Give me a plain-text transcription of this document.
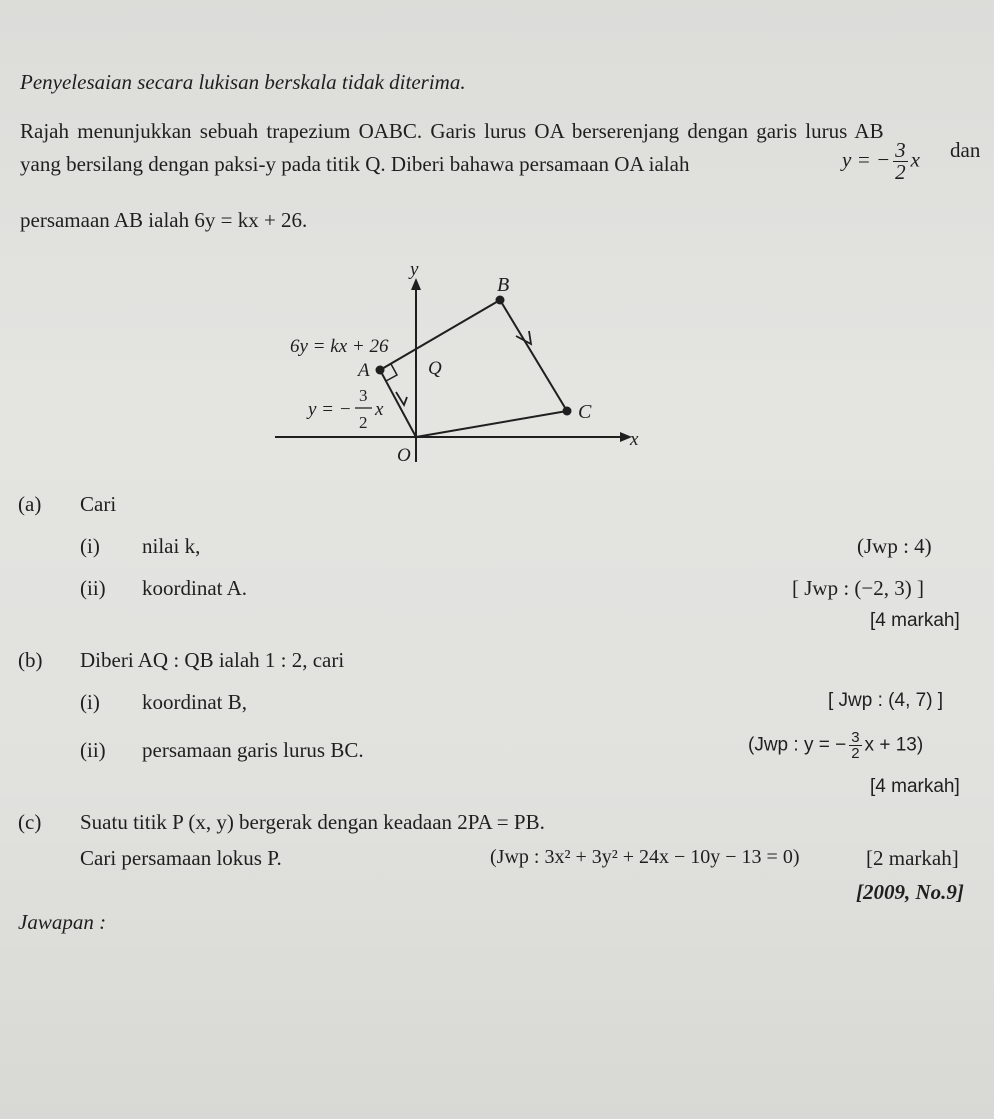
Penyelesaian secara lukisan berskala tidak diterima.
Rajah menunjukkan sebuah trapezium OABC. Garis lurus OA berserenjang dengan garis lurus AB
yang bersilang dengan paksi-y pada titik Q. Diberi bahawa persamaan OA ialah	y = − $\frac{3}{2}$ x dan
persamaan AB ialah 6y = kx + 26.
y
x
O
B
C
A	Q
6y = kx + 26
y = −
3
2
x
(a) Cari
(i) nilai k,	(Jwp : 4)
(ii) koordinat A.	[ Jwp : (−2, 3) ]
[4 markah]
(b) Diberi AQ : QB ialah 1 : 2, cari
(i) koordinat B,	[ Jwp : (4, 7) ]
(ii) persamaan garis lurus BC.	(Jwp : y = − $\frac{3}{2}$ x + 13)
[4 markah]
(c) Suatu titik P (x, y) bergerak dengan keadaan 2PA = PB.
Cari persamaan lokus P.	(Jwp : 3x² + 3y² + 24x − 10y − 13 = 0)	[2 markah]
[2009, No.9]
Jawapan :
